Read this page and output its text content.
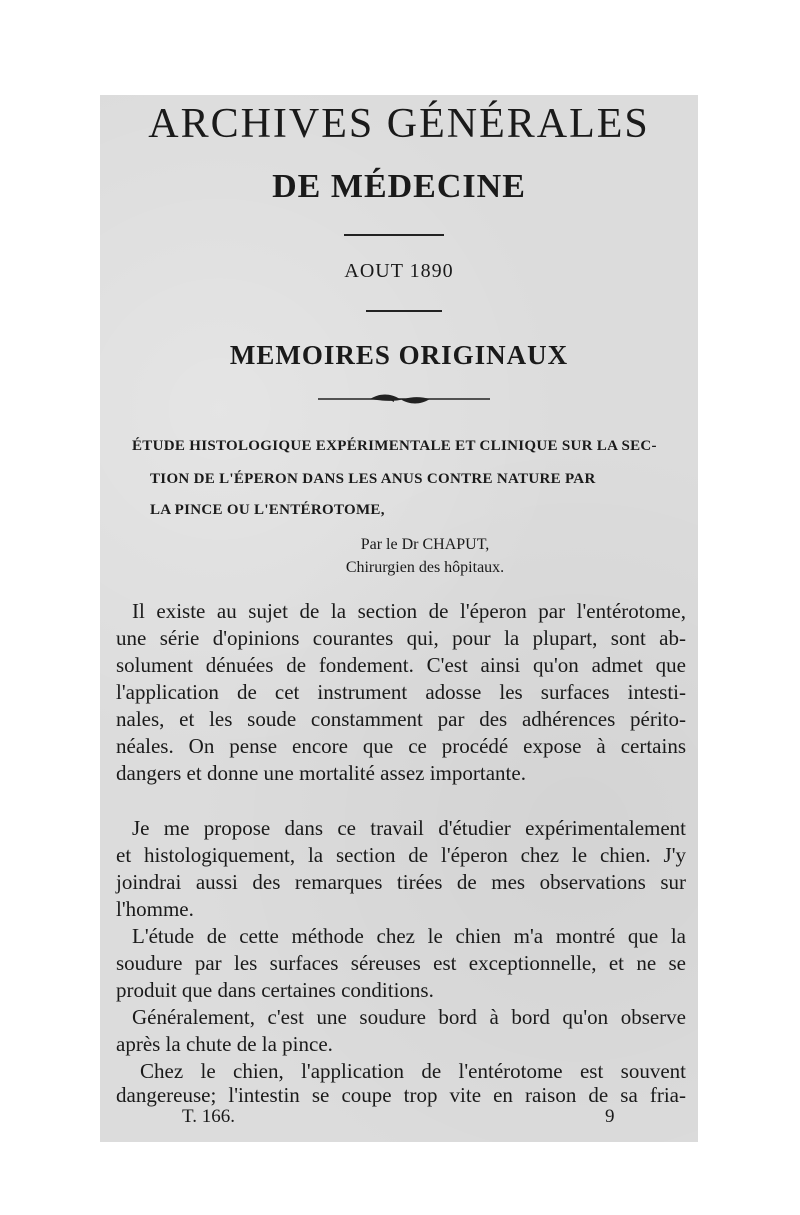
ARCHIVES GÉNÉRALES
DE MÉDECINE
AOUT 1890
MEMOIRES ORIGINAUX
ÉTUDE HISTOLOGIQUE EXPÉRIMENTALE ET CLINIQUE SUR LA SEC-
TION DE L'ÉPERON DANS LES ANUS CONTRE NATURE PAR
LA PINCE OU L'ENTÉROTOME,
Par le Dr CHAPUT,
Chirurgien des hôpitaux.
Il existe au sujet de la section de l'éperon par l'entérotome,
une série d'opinions courantes qui, pour la plupart, sont ab-
solument dénuées de fondement. C'est ainsi qu'on admet que
l'application de cet instrument adosse les surfaces intesti-
nales, et les soude constamment par des adhérences périto-
néales. On pense encore que ce procédé expose à certains
dangers et donne une mortalité assez importante.
Je me propose dans ce travail d'étudier expérimentalement
et histologiquement, la section de l'éperon chez le chien. J'y
joindrai aussi des remarques tirées de mes observations sur
l'homme.
L'étude de cette méthode chez le chien m'a montré que la
soudure par les surfaces séreuses est exceptionnelle, et ne se
produit que dans certaines conditions.
Généralement, c'est une soudure bord à bord qu'on observe
après la chute de la pince.
Chez le chien, l'application de l'entérotome est souvent
dangereuse; l'intestin se coupe trop vite en raison de sa fria-
T. 166.	9
